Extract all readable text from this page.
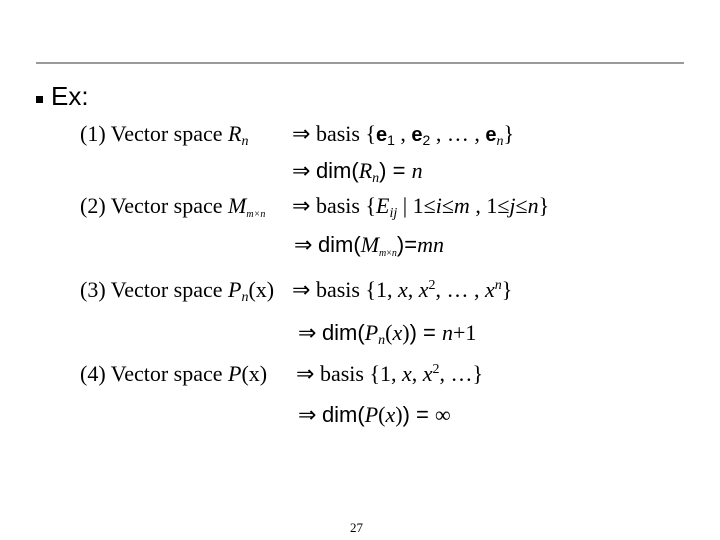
Ex:
(1) Vector space $R_n$ ⇒ basis {$e_1$ , $e_2$ , … , $e_n$}
⇒ $dim(R_n) = n$
(2) Vector space $M_{m\times n}$ ⇒ basis {$E_{ij}$ | 1≤i≤m , 1≤j≤n}
⇒ $dim(M_{m\times n})=mn$
(3) Vector space $P_n(x)$ ⇒ basis {1, x, $x^2$, … , $x^n$}
⇒ $dim(P_n(x)) = n+1$
(4) Vector space P(x) ⇒ basis {1, x, $x^2$, …}
⇒ dim(P(x)) = ∞
27
